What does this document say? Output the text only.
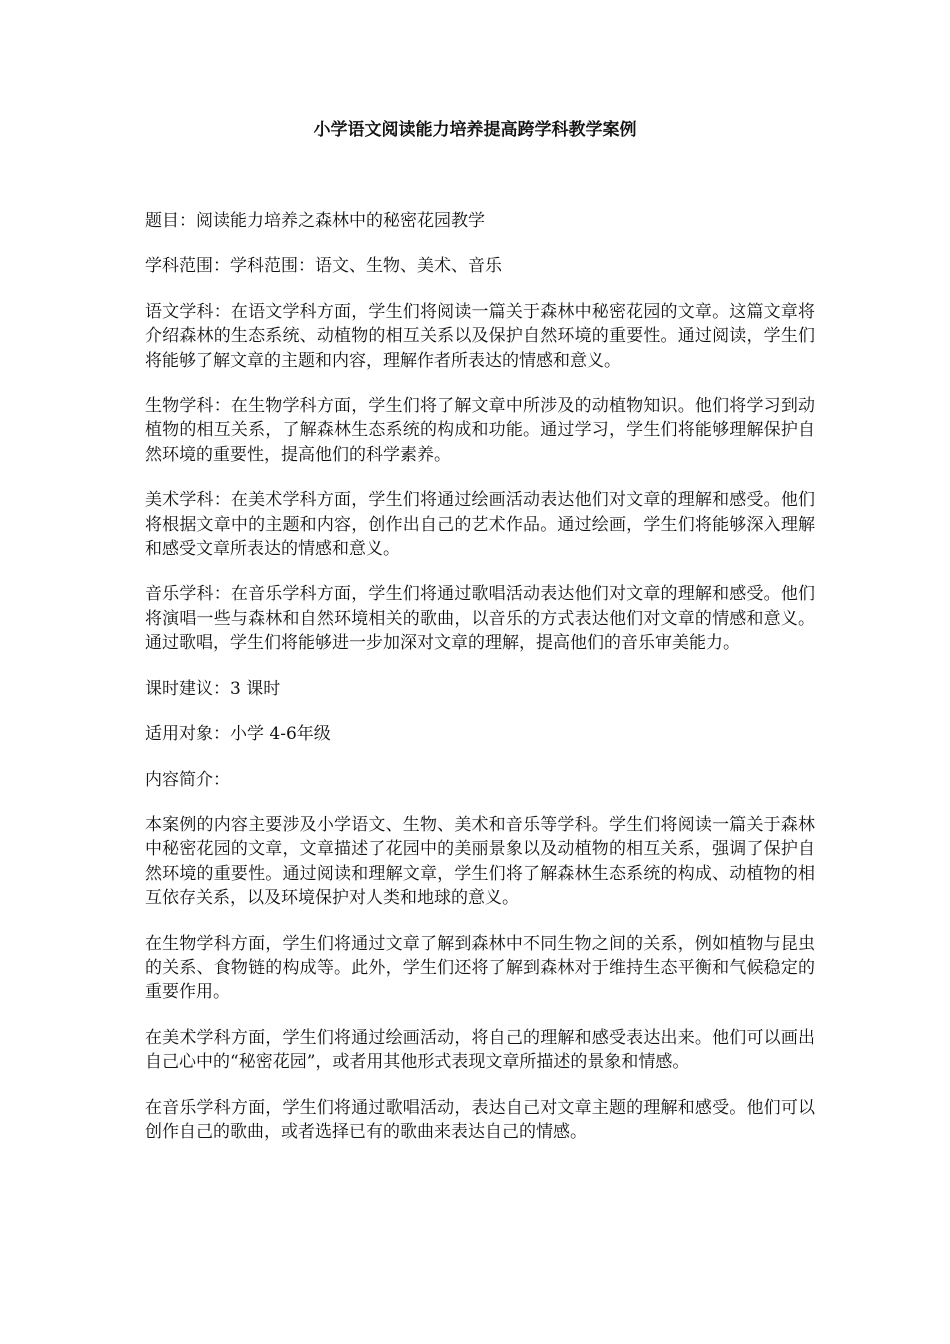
小学语文阅读能力培养提高跨学科教学案例

题目：阅读能力培养之森林中的秘密花园教学

学科范围：学科范围：语文、生物、美术、音乐

语文学科：在语文学科方面，学生们将阅读一篇关于森林中秘密花园的文章。这篇文章将介绍森林的生态系统、动植物的相互关系以及保护自然环境的重要性。通过阅读，学生们将能够了解文章的主题和内容，理解作者所表达的情感和意义。

生物学科：在生物学科方面，学生们将了解文章中所涉及的动植物知识。他们将学习到动植物的相互关系，了解森林生态系统的构成和功能。通过学习，学生们将能够理解保护自然环境的重要性，提高他们的科学素养。

美术学科：在美术学科方面，学生们将通过绘画活动表达他们对文章的理解和感受。他们将根据文章中的主题和内容，创作出自己的艺术作品。通过绘画，学生们将能够深入理解和感受文章所表达的情感和意义。

音乐学科：在音乐学科方面，学生们将通过歌唱活动表达他们对文章的理解和感受。他们将演唱一些与森林和自然环境相关的歌曲，以音乐的方式表达他们对文章的情感和意义。通过歌唱，学生们将能够进一步加深对文章的理解，提高他们的音乐审美能力。

课时建议：3 课时

适用对象：小学 4-6年级

内容简介：

本案例的内容主要涉及小学语文、生物、美术和音乐等学科。学生们将阅读一篇关于森林中秘密花园的文章，文章描述了花园中的美丽景象以及动植物的相互关系，强调了保护自然环境的重要性。通过阅读和理解文章，学生们将了解森林生态系统的构成、动植物的相互依存关系，以及环境保护对人类和地球的意义。

在生物学科方面，学生们将通过文章了解到森林中不同生物之间的关系，例如植物与昆虫的关系、食物链的构成等。此外，学生们还将了解到森林对于维持生态平衡和气候稳定的重要作用。

在美术学科方面，学生们将通过绘画活动，将自己的理解和感受表达出来。他们可以画出自己心中的“秘密花园”，或者用其他形式表现文章所描述的景象和情感。

在音乐学科方面，学生们将通过歌唱活动，表达自己对文章主题的理解和感受。他们可以创作自己的歌曲，或者选择已有的歌曲来表达自己的情感。
